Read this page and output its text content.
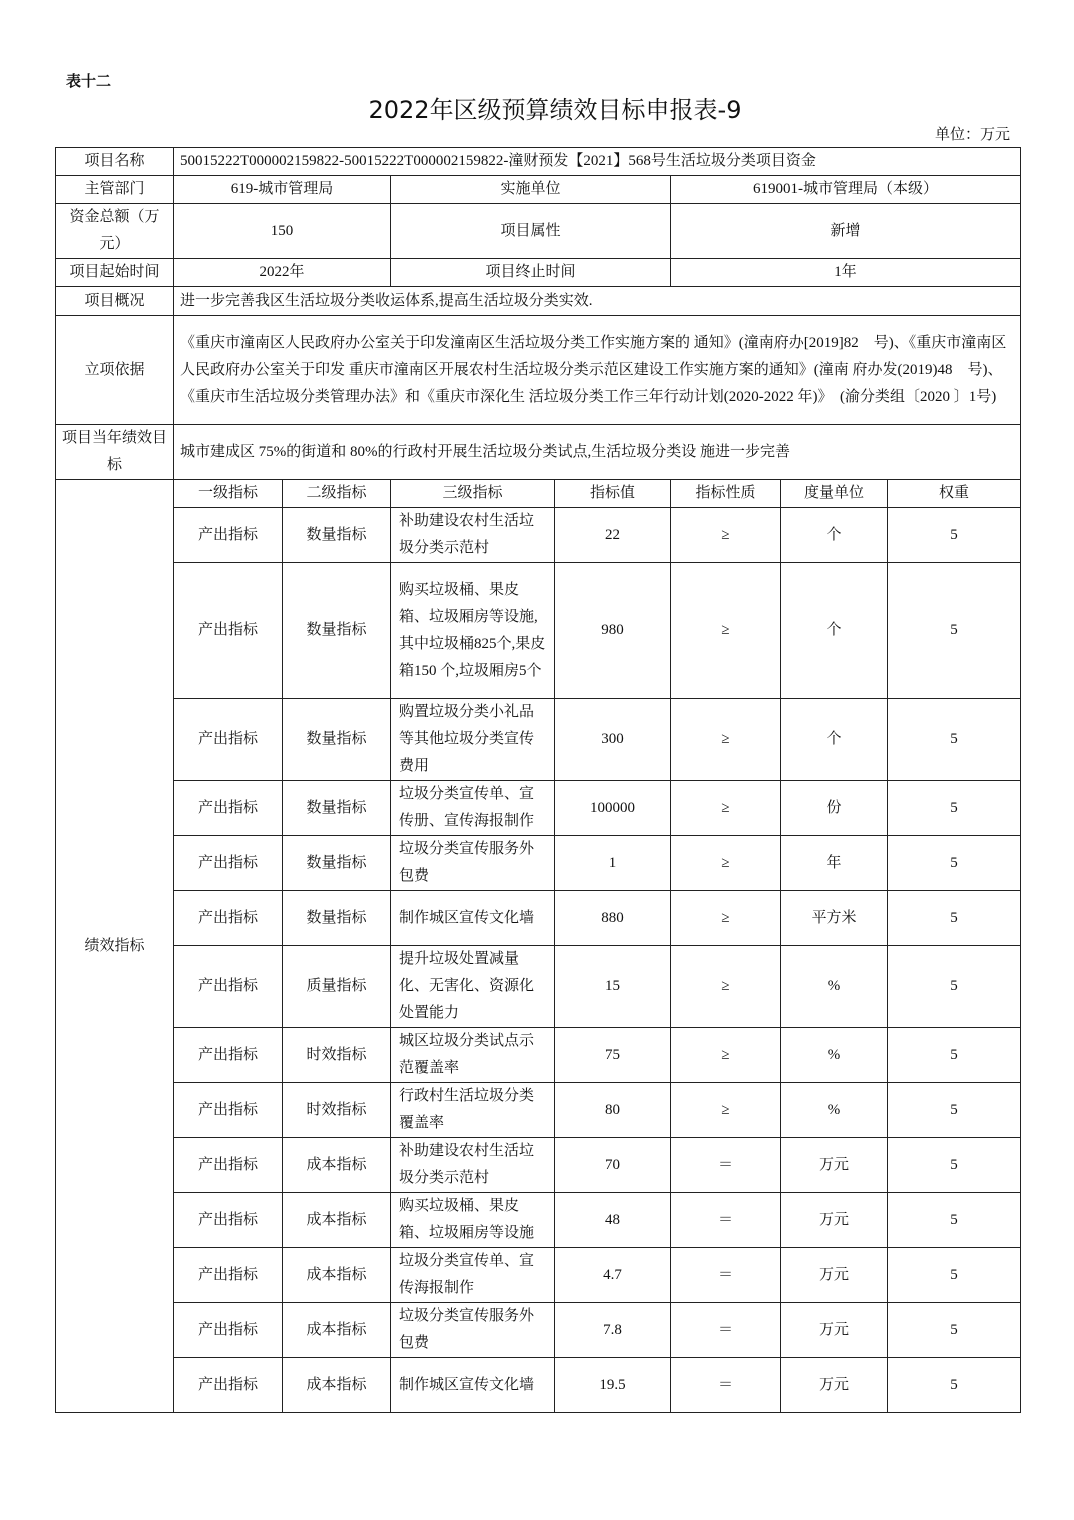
表十二
2022年区级预算绩效目标申报表-9
单位：万元
项目名称	50015222T000002159822-50015222T000002159822-潼财预发【2021】568号生活垃圾分类项目资金						
主管部门	619-城市管理局		实施单位		619001-城市管理局（本级）		
资金总额（万元）	150		项目属性		新增		
项目起始时间	2022年		项目终止时间		1年		
项目概况	进一步完善我区生活垃圾分类收运体系,提高生活垃圾分类实效.						
立项依据	《重庆市潼南区人民政府办公室关于印发潼南区生活垃圾分类工作实施方案的 通知》(潼南府办[2019]82　号)、《重庆市潼南区人民政府办公室关于印发 重庆市潼南区开展农村生活垃圾分类示范区建设工作实施方案的通知》(潼南 府办发(2019)48　号)、　《重庆市生活垃圾分类管理办法》和《重庆市深化生 活垃圾分类工作三年行动计划(2020-2022 年)》　(渝分类组〔2020 〕1号)						
项目当年绩效目标	城市建成区 75%的街道和 80%的行政村开展生活垃圾分类试点,生活垃圾分类设 施进一步完善						
绩效指标	一级指标	二级指标	三级指标	指标值	指标性质	度量单位	权重
	产出指标	数量指标	补助建设农村生活垃圾分类示范村	22	≥	个	5
	产出指标	数量指标	购买垃圾桶、果皮箱、垃圾厢房等设施,其中垃圾桶825个,果皮箱150 个,垃圾厢房5个	980	≥	个	5
	产出指标	数量指标	购置垃圾分类小礼品等其他垃圾分类宣传费用	300	≥	个	5
	产出指标	数量指标	垃圾分类宣传单、宣传册、宣传海报制作	100000	≥	份	5
	产出指标	数量指标	垃圾分类宣传服务外包费	1	≥	年	5
	产出指标	数量指标	制作城区宣传文化墙	880	≥	平方米	5
	产出指标	质量指标	提升垃圾处置减量化、无害化、资源化处置能力	15	≥	%	5
	产出指标	时效指标	城区垃圾分类试点示范覆盖率	75	≥	%	5
	产出指标	时效指标	行政村生活垃圾分类覆盖率	80	≥	%	5
	产出指标	成本指标	补助建设农村生活垃圾分类示范村	70	＝	万元	5
	产出指标	成本指标	购买垃圾桶、果皮箱、垃圾厢房等设施	48	＝	万元	5
	产出指标	成本指标	垃圾分类宣传单、宣传海报制作	4.7	＝	万元	5
	产出指标	成本指标	垃圾分类宣传服务外包费	7.8	＝	万元	5
	产出指标	成本指标	制作城区宣传文化墙	19.5	＝	万元	5
